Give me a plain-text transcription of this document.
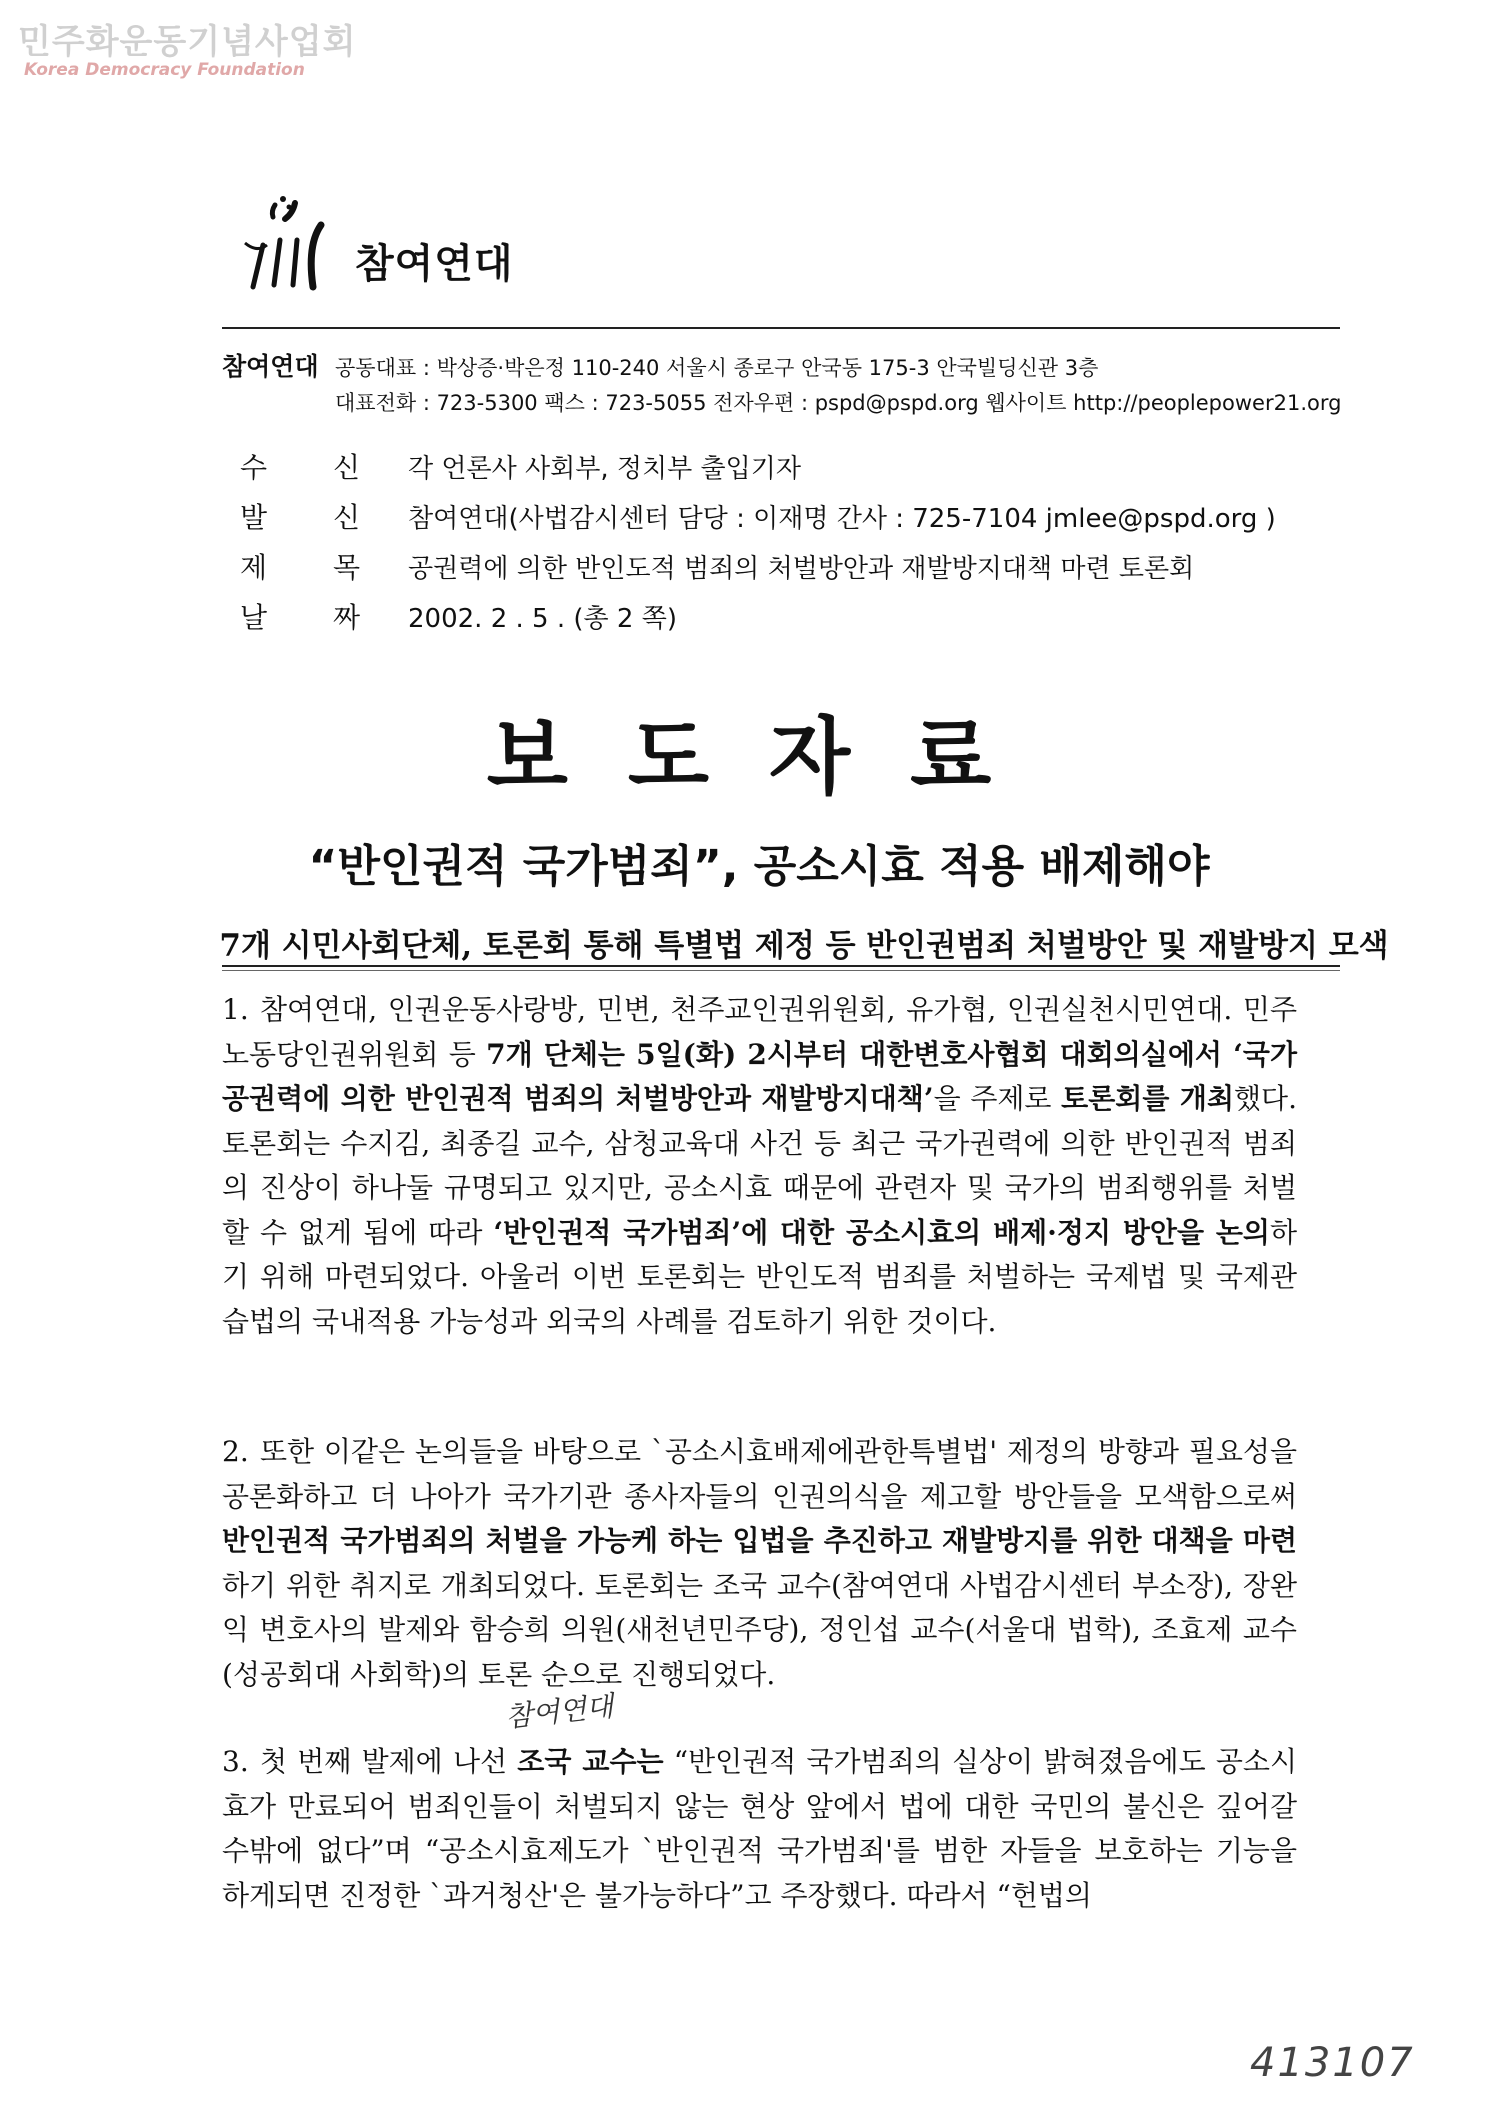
민주화운동기념사업회
Korea Democracy Foundation
참여연대
참여연대 공동대표 : 박상증·박은정 110-240 서울시 종로구 안국동 175-3 안국빌딩신관 3층
대표전화 : 723-5300 팩스 : 723-5055 전자우편 : pspd@pspd.org 웹사이트 http://peoplepower21.org
수 신 각 언론사 사회부, 정치부 출입기자
발 신 참여연대(사법감시센터 담당 : 이재명 간사 : 725-7104 jmlee@pspd.org )
제 목 공권력에 의한 반인도적 범죄의 처벌방안과 재발방지대책 마련 토론회
날 짜 2002. 2 . 5 . (총 2 쪽)
보도자료
“반인권적 국가범죄”, 공소시효 적용 배제해야
7개 시민사회단체, 토론회 통해 특별법 제정 등 반인권범죄 처벌방안 및 재발방지 모색
1. 참여연대, 인권운동사랑방, 민변, 천주교인권위원회, 유가협, 인권실천시민연대. 민주노동당인권위원회 등 7개 단체는 5일(화) 2시부터 대한변호사협회 대회의실에서 ‘국가공권력에 의한 반인권적 범죄의 처벌방안과 재발방지대책’을 주제로 토론회를 개최했다. 토론회는 수지김, 최종길 교수, 삼청교육대 사건 등 최근 국가권력에 의한 반인권적 범죄의 진상이 하나둘 규명되고 있지만, 공소시효 때문에 관련자 및 국가의 범죄행위를 처벌할 수 없게 됨에 따라 ‘반인권적 국가범죄’에 대한 공소시효의 배제·정지 방안을 논의하기 위해 마련되었다. 아울러 이번 토론회는 반인도적 범죄를 처벌하는 국제법 및 국제관습법의 국내적용 가능성과 외국의 사례를 검토하기 위한 것이다.
2. 또한 이같은 논의들을 바탕으로 `공소시효배제에관한특별법' 제정의 방향과 필요성을 공론화하고 더 나아가 국가기관 종사자들의 인권의식을 제고할 방안들을 모색함으로써 반인권적 국가범죄의 처벌을 가능케 하는 입법을 추진하고 재발방지를 위한 대책을 마련하기 위한 취지로 개최되었다. 토론회는 조국 교수(참여연대 사법감시센터 부소장), 장완익 변호사의 발제와 함승희 의원(새천년민주당), 정인섭 교수(서울대 법학), 조효제 교수(성공회대 사회학)의 토론 순으로 진행되었다.
참여연대
3. 첫 번째 발제에 나선 조국 교수는 “반인권적 국가범죄의 실상이 밝혀졌음에도 공소시효가 만료되어 범죄인들이 처벌되지 않는 현상 앞에서 법에 대한 국민의 불신은 깊어갈 수밖에 없다”며 “공소시효제도가 `반인권적 국가범죄'를 범한 자들을 보호하는 기능을 하게되면 진정한 `과거청산'은 불가능하다”고 주장했다. 따라서 “헌법의
413107
